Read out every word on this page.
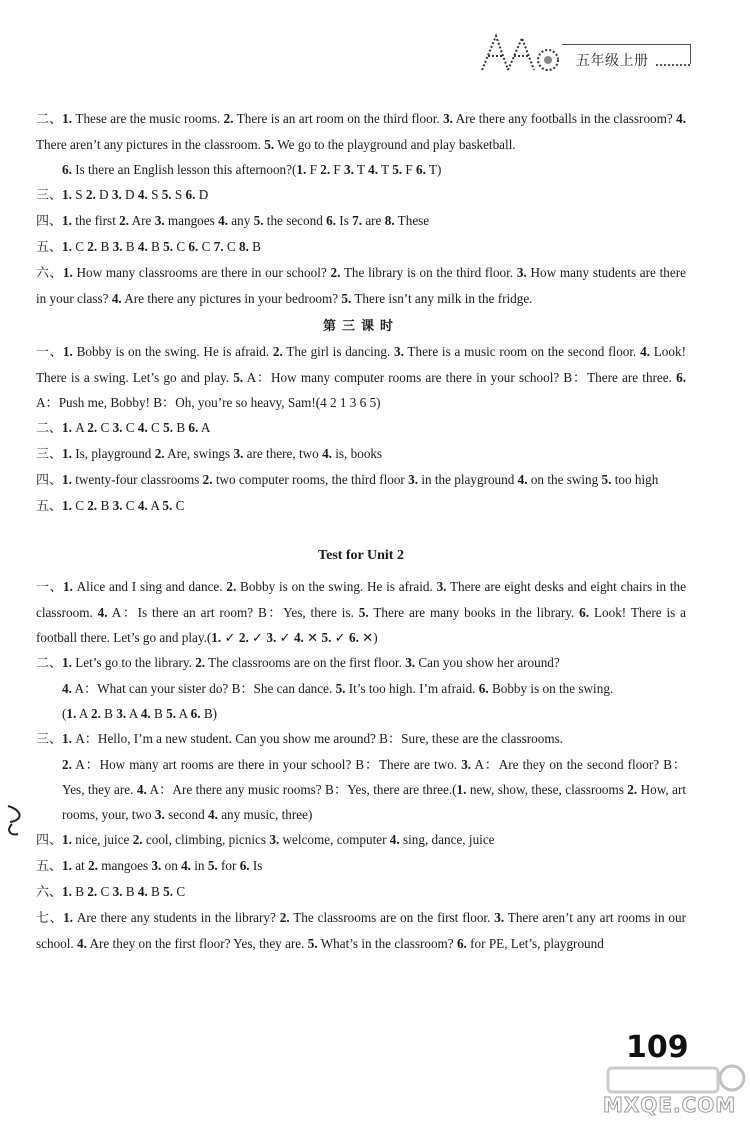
五年级上册

二、1. These are the music rooms. 2. There is an art room on the third floor. 3. Are there any footballs in the classroom? 4. There aren’t any pictures in the classroom. 5. We go to the playground and play basketball.

6. Is there an English lesson this afternoon?(1. F 2. F 3. T 4. T 5. F 6. T)

三、1. S 2. D 3. D 4. S 5. S 6. D

四、1. the first 2. Are 3. mangoes 4. any 5. the second 6. Is 7. are 8. These

五、1. C 2. B 3. B 4. B 5. C 6. C 7. C 8. B

六、1. How many classrooms are there in our school? 2. The library is on the third floor. 3. How many students are there in your class? 4. Are there any pictures in your bedroom? 5. There isn’t any milk in the fridge.

第三课时

一、1. Bobby is on the swing. He is afraid. 2. The girl is dancing. 3. There is a music room on the second floor. 4. Look! There is a swing. Let’s go and play. 5. A：How many computer rooms are there in your school? B：There are three. 6. A：Push me, Bobby! B：Oh, you’re so heavy, Sam!(4 2 1 3 6 5)

二、1. A 2. C 3. C 4. C 5. B 6. A

三、1. Is, playground 2. Are, swings 3. are there, two 4. is, books

四、1. twenty-four classrooms 2. two computer rooms, the third floor 3. in the playground 4. on the swing 5. too high

五、1. C 2. B 3. C 4. A 5. C

Test for Unit 2

一、1. Alice and I sing and dance. 2. Bobby is on the swing. He is afraid. 3. There are eight desks and eight chairs in the classroom. 4. A：Is there an art room? B：Yes, there is. 5. There are many books in the library. 6. Look! There is a football there. Let’s go and play.(1. ✓ 2. ✓ 3. ✓ 4. ✕ 5. ✓ 6. ✕)

二、1. Let’s go to the library. 2. The classrooms are on the first floor. 3. Can you show her around?

4. A：What can your sister do? B：She can dance. 5. It’s too high. I’m afraid. 6. Bobby is on the swing.

(1. A 2. B 3. A 4. B 5. A 6. B)

三、1. A：Hello, I’m a new student. Can you show me around? B：Sure, these are the classrooms.

2. A：How many art rooms are there in your school? B：There are two. 3. A：Are they on the second floor? B：Yes, they are. 4. A：Are there any music rooms? B：Yes, there are three.(1. new, show, these, classrooms 2. How, art rooms, your, two 3. second 4. any music, three)

四、1. nice, juice 2. cool, climbing, picnics 3. welcome, computer 4. sing, dance, juice

五、1. at 2. mangoes 3. on 4. in 5. for 6. Is

六、1. B 2. C 3. B 4. B 5. C

七、1. Are there any students in the library? 2. The classrooms are on the first floor. 3. There aren’t any art rooms in our school. 4. Are they on the first floor? Yes, they are. 5. What’s in the classroom? 6. for PE, Let’s, playground

109
MXQE.COM
